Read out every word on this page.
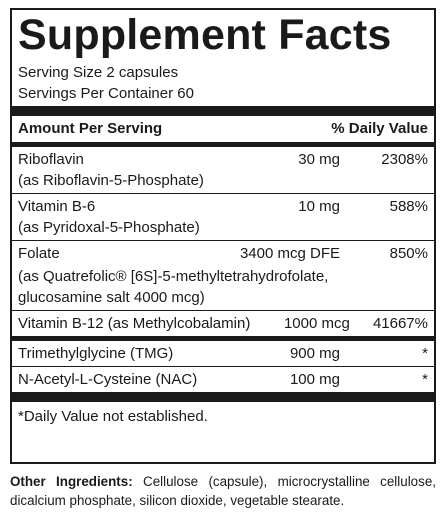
Supplement Facts
Serving Size 2 capsules
Servings Per Container 60
Amount Per Serving	% Daily Value
Riboflavin	30 mg	2308%
(as Riboflavin-5-Phosphate)
Vitamin B-6	10 mg	588%
(as Pyridoxal-5-Phosphate)
Folate	3400 mcg DFE	850%
(as Quatrefolic® [6S]-5-methyltetrahydrofolate,
glucosamine salt 4000 mcg)
Vitamin B-12 (as Methylcobalamin)	1000 mcg	41667%
Trimethylglycine (TMG)	900 mg	*
N-Acetyl-L-Cysteine (NAC)	100 mg	*
*Daily Value not established.
Other Ingredients: Cellulose (capsule), microcrystalline cellulose, dicalcium phosphate, silicon dioxide, vegetable stearate.
